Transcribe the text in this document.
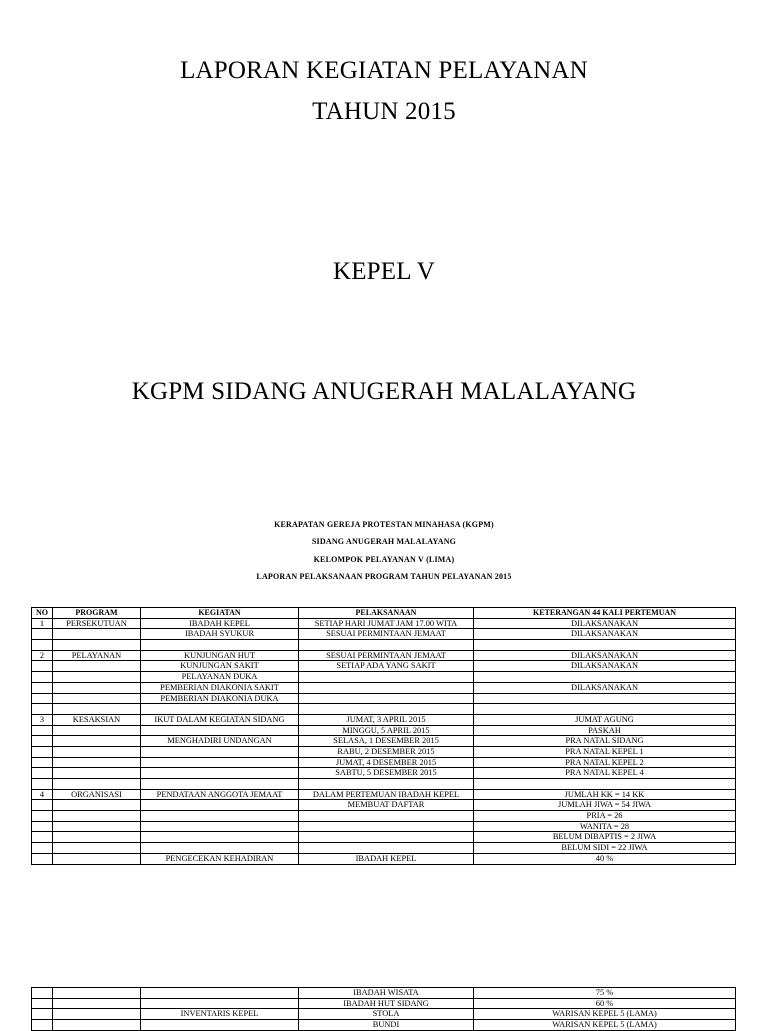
LAPORAN KEGIATAN PELAYANAN
TAHUN 2015
KEPEL V
KGPM SIDANG ANUGERAH MALALAYANG
KERAPATAN GEREJA PROTESTAN MINAHASA (KGPM)
SIDANG ANUGERAH MALALAYANG
KELOMPOK PELAYANAN V (LIMA)
LAPORAN PELAKSANAAN PROGRAM TAHUN PELAYANAN 2015
NO	PROGRAM	KEGIATAN	PELAKSANAAN	KETERANGAN 44 KALI PERTEMUAN
1	PERSEKUTUAN	IBADAH KEPEL	SETIAP HARI JUMAT JAM 17.00 WITA	DILAKSANAKAN
		IBADAH SYUKUR	SESUAI PERMINTAAN JEMAAT	DILAKSANAKAN

2	PELAYANAN	KUNJUNGAN HUT	SESUAI PERMINTAAN JEMAAT	DILAKSANAKAN
		KUNJUNGAN SAKIT	SETIAP ADA YANG SAKIT	DILAKSANAKAN
		PELAYANAN DUKA		
		PEMBERIAN DIAKONIA SAKIT		DILAKSANAKAN
		PEMBERIAN DIAKONIA DUKA		

3	KESAKSIAN	IKUT DALAM KEGIATAN SIDANG	JUMAT, 3 APRIL 2015	JUMAT AGUNG
			MINGGU, 5 APRIL 2015	PASKAH
		MENGHADIRI UNDANGAN	SELASA, 1 DESEMBER 2015	PRA NATAL SIDANG
			RABU, 2 DESEMBER 2015	PRA NATAL KEPEL 1
			JUMAT, 4 DESEMBER 2015	PRA NATAL KEPEL 2
			SABTU, 5 DESEMBER 2015	PRA NATAL KEPEL 4

4	ORGANISASI	PENDATAAN ANGGOTA JEMAAT	DALAM PERTEMUAN IBADAH KEPEL	JUMLAH KK = 14 KK
			MEMBUAT DAFTAR	JUMLAH JIWA = 54 JIWA
				PRIA = 26
				WANITA = 28
				BELUM DIBAPTIS = 2 JIWA
				BELUM SIDI = 22 JIWA
		PENGECEKAN KEHADIRAN	IBADAH KEPEL	40 %
			IBADAH WISATA	75 %
			IBADAH HUT SIDANG	60 %
		INVENTARIS KEPEL	STOLA	WARISAN KEPEL 5 (LAMA)
			BUNDI	WARISAN KEPEL 5 (LAMA)
